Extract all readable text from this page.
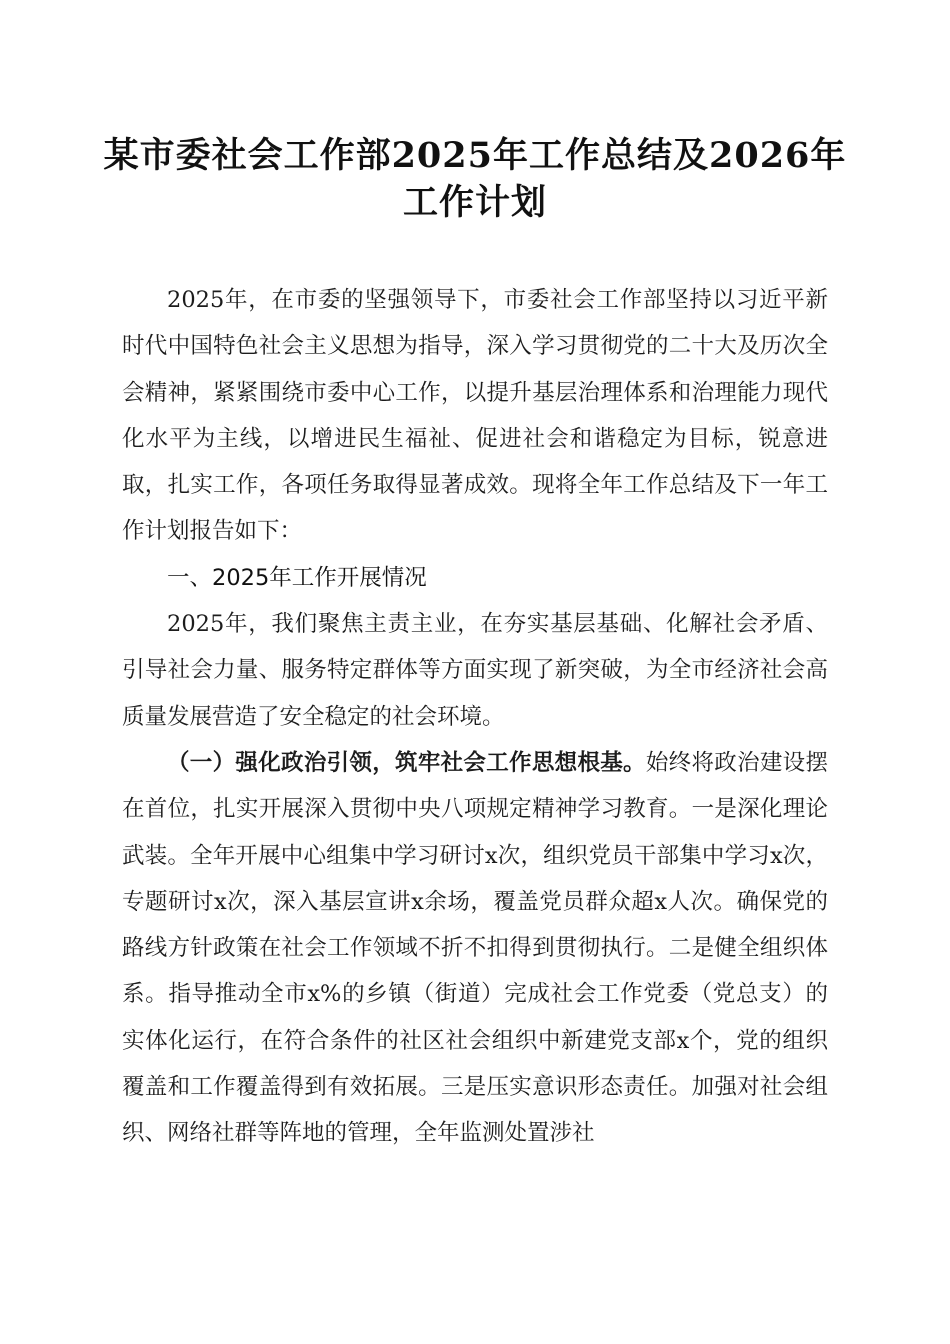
某市委社会工作部2025年工作总结及2026年工作计划

2025年，在市委的坚强领导下，市委社会工作部坚持以习近平新时代中国特色社会主义思想为指导，深入学习贯彻党的二十大及历次全会精神，紧紧围绕市委中心工作，以提升基层治理体系和治理能力现代化水平为主线，以增进民生福祉、促进社会和谐稳定为目标，锐意进取，扎实工作，各项任务取得显著成效。现将全年工作总结及下一年工作计划报告如下：

一、2025年工作开展情况

2025年，我们聚焦主责主业，在夯实基层基础、化解社会矛盾、引导社会力量、服务特定群体等方面实现了新突破，为全市经济社会高质量发展营造了安全稳定的社会环境。

（一）强化政治引领，筑牢社会工作思想根基。始终将政治建设摆在首位，扎实开展深入贯彻中央八项规定精神学习教育。一是深化理论武装。全年开展中心组集中学习研讨x次，组织党员干部集中学习x次，专题研讨x次，深入基层宣讲x余场，覆盖党员群众超x人次。确保党的路线方针政策在社会工作领域不折不扣得到贯彻执行。二是健全组织体系。指导推动全市x%的乡镇（街道）完成社会工作党委（党总支）的实体化运行，在符合条件的社区社会组织中新建党支部x个，党的组织覆盖和工作覆盖得到有效拓展。三是压实意识形态责任。加强对社会组织、网络社群等阵地的管理，全年监测处置涉社
